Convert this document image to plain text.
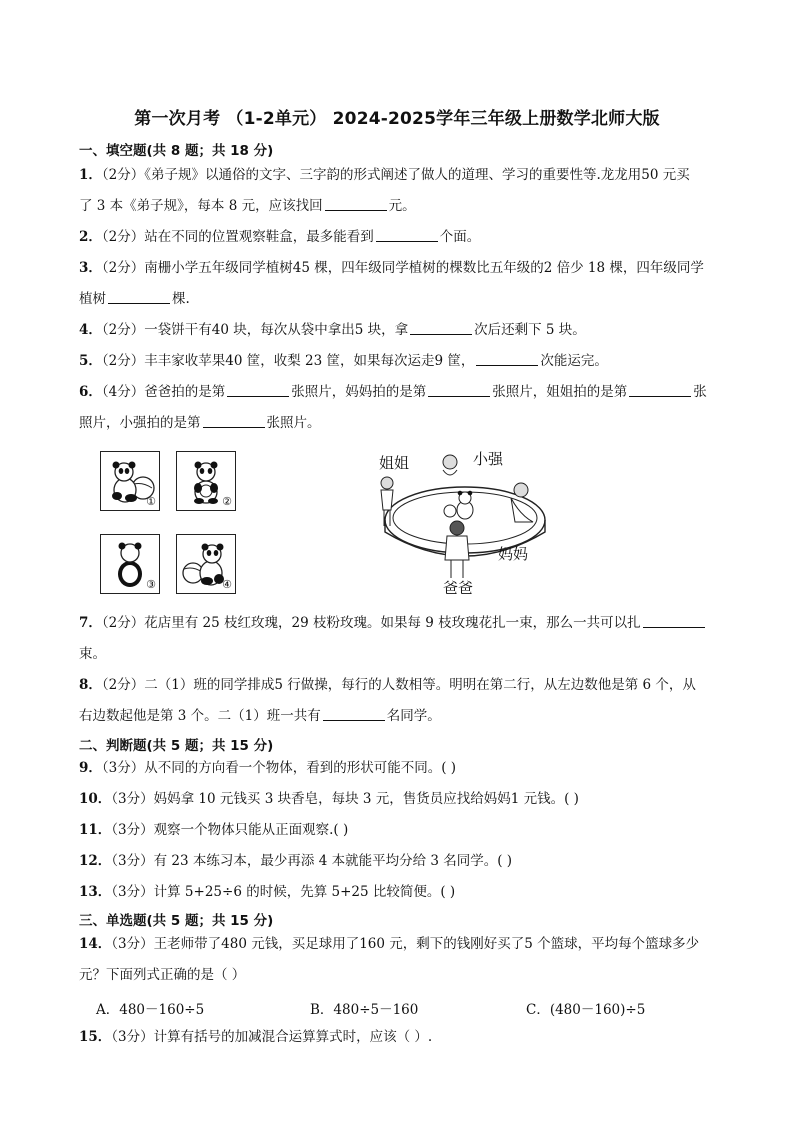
第一次月考 （1-2单元） 2024-2025学年三年级上册数学北师大版
一、填空题(共 8 题；共 18 分)
1．（2分）《弟子规》以通俗的文字、三字韵的形式阐述了做人的道理、学习的重要性等.龙龙用50 元买
了 3 本《弟子规》，每本 8 元，应该找回	元。
2．（2分）站在不同的位置观察鞋盒，最多能看到	个面。
3．（2分）南栅小学五年级同学植树45 棵，四年级同学植树的棵数比五年级的2 倍少 18 棵，四年级同学
植树	棵.
4．（2分）一袋饼干有40 块，每次从袋中拿出5 块，拿	次后还剩下 5 块。
5．（2分）丰丰家收苹果40 筐，收梨 23 筐，如果每次运走9 筐，	次能运完。
6．（4分）爸爸拍的是第	张照片，妈妈拍的是第	张照片，姐姐拍的是第	张
照片，小强拍的是第	张照片。
①	②
③	④
姐姐	小强
妈妈
爸爸
7．（2分）花店里有 25 枝红玫瑰，29 枝粉玫瑰。如果每 9 枝玫瑰花扎一束，那么一共可以扎
束。
8．（2分）二（1）班的同学排成5 行做操，每行的人数相等。明明在第二行，从左边数他是第 6 个，从
右边数起他是第 3 个。二（1）班一共有	名同学。
二、判断题(共 5 题；共 15 分)
9．（3分）从不同的方向看一个物体，看到的形状可能不同。( )
10．（3分）妈妈拿 10 元钱买 3 块香皂，每块 3 元，售货员应找给妈妈1 元钱。( )
11．（3分）观察一个物体只能从正面观察.( )
12．（3分）有 23 本练习本，最少再添 4 本就能平均分给 3 名同学。( )
13．（3分）计算 5+25÷6 的时候，先算 5+25 比较简便。( )
三、单选题(共 5 题；共 15 分)
14．（3分）王老师带了480 元钱，买足球用了160 元，剩下的钱刚好买了5 个篮球，平均每个篮球多少
元？下面列式正确的是（ ）
A．480－160÷5	B．480÷5－160	C．(480－160)÷5
15．（3分）计算有括号的加减混合运算算式时，应该（ ）.
